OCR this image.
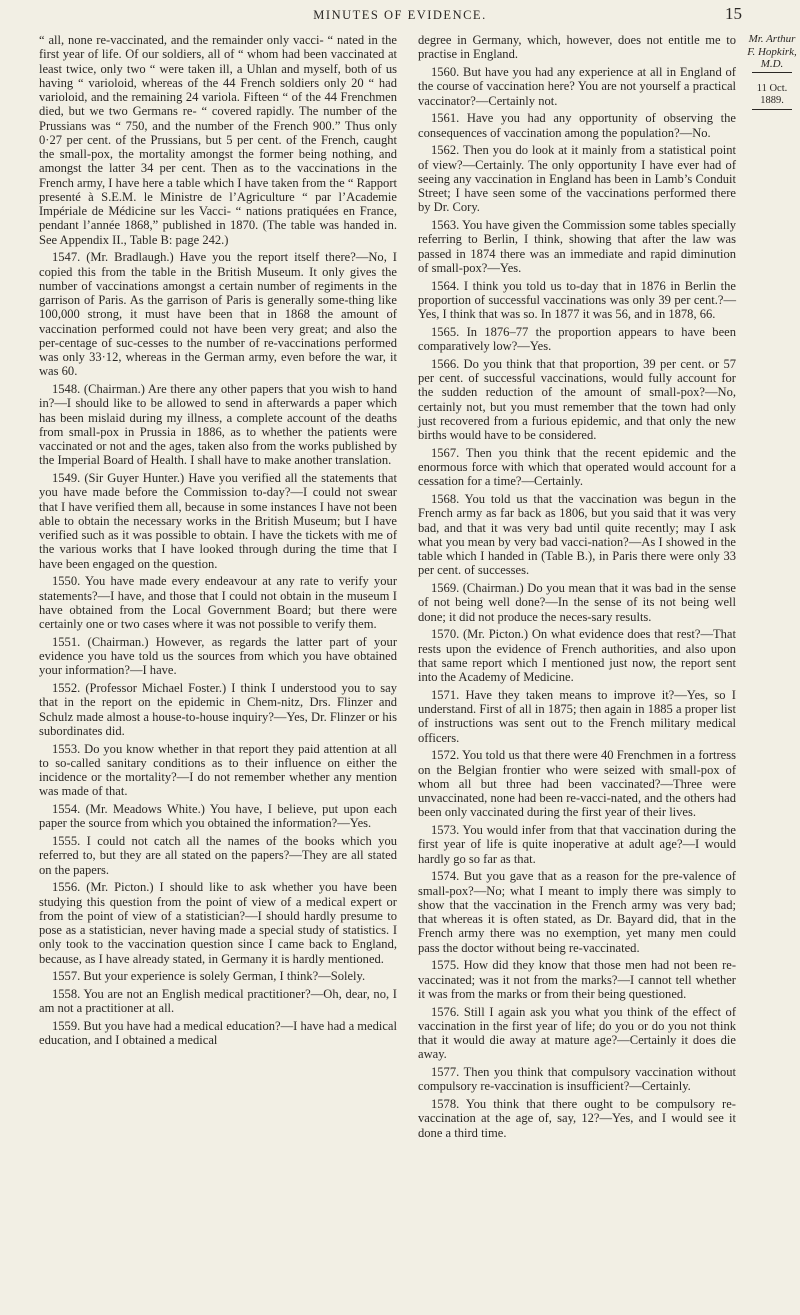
MINUTES OF EVIDENCE.	15

“ all, none re-vaccinated, and the remainder only vacci- “ nated in the first year of life. Of our soldiers, all of “ whom had been vaccinated at least twice, only two “ were taken ill, a Uhlan and myself, both of us having “ varioloid, whereas of the 44 French soldiers only 20 “ had varioloid, and the remaining 24 variola. Fifteen “ of the 44 Frenchmen died, but we two Germans re- “ covered rapidly. The number of the Prussians was “ 750, and the number of the French 900.” Thus only 0·27 per cent. of the Prussians, but 5 per cent. of the French, caught the small-pox, the mortality amongst the former being nothing, and amongst the latter 34 per cent. Then as to the vaccinations in the French army, I have here a table which I have taken from the “ Rapport presenté à S.E.M. le Ministre de l’Agriculture “ par l’Academie Impériale de Médicine sur les Vacci- “ nations pratiquées en France, pendant l’année 1868,” published in 1870. (The table was handed in. See Appendix II., Table B: page 242.)

1547. (Mr. Bradlaugh.) Have you the report itself there?—No, I copied this from the table in the British Museum. It only gives the number of vaccinations amongst a certain number of regiments in the garrison of Paris. As the garrison of Paris is generally some-thing like 100,000 strong, it must have been that in 1868 the amount of vaccination performed could not have been very great; and also the per-centage of suc-cesses to the number of re-vaccinations performed was only 33·12, whereas in the German army, even before the war, it was 60.

1548. (Chairman.) Are there any other papers that you wish to hand in?—I should like to be allowed to send in afterwards a paper which has been mislaid during my illness, a complete account of the deaths from small-pox in Prussia in 1886, as to whether the patients were vaccinated or not and the ages, taken also from the works published by the Imperial Board of Health. I shall have to make another translation.

1549. (Sir Guyer Hunter.) Have you verified all the statements that you have made before the Commission to-day?—I could not swear that I have verified them all, because in some instances I have not been able to obtain the necessary works in the British Museum; but I have verified such as it was possible to obtain. I have the tickets with me of the various works that I have looked through during the time that I have been engaged on the question.

1550. You have made every endeavour at any rate to verify your statements?—I have, and those that I could not obtain in the museum I have obtained from the Local Government Board; but there were certainly one or two cases where it was not possible to verify them.

1551. (Chairman.) However, as regards the latter part of your evidence you have told us the sources from which you have obtained your information?—I have.

1552. (Professor Michael Foster.) I think I understood you to say that in the report on the epidemic in Chem-nitz, Drs. Flinzer and Schulz made almost a house-to-house inquiry?—Yes, Dr. Flinzer or his subordinates did.

1553. Do you know whether in that report they paid attention at all to so-called sanitary conditions as to their influence on either the incidence or the mortality?—I do not remember whether any mention was made of that.

1554. (Mr. Meadows White.) You have, I believe, put upon each paper the source from which you obtained the information?—Yes.

1555. I could not catch all the names of the books which you referred to, but they are all stated on the papers?—They are all stated on the papers.

1556. (Mr. Picton.) I should like to ask whether you have been studying this question from the point of view of a medical expert or from the point of view of a statistician?—I should hardly presume to pose as a statistician, never having made a special study of statistics. I only took to the vaccination question since I came back to England, because, as I have already stated, in Germany it is hardly mentioned.

1557. But your experience is solely German, I think?—Solely.

1558. You are not an English medical practitioner?—Oh, dear, no, I am not a practitioner at all.

1559. But you have had a medical education?—I have had a medical education, and I obtained a medical

degree in Germany, which, however, does not entitle me to practise in England.

1560. But have you had any experience at all in England of the course of vaccination here? You are not yourself a practical vaccinator?—Certainly not.

1561. Have you had any opportunity of observing the consequences of vaccination among the population?—No.

1562. Then you do look at it mainly from a statistical point of view?—Certainly. The only opportunity I have ever had of seeing any vaccination in England has been in Lamb’s Conduit Street; I have seen some of the vaccinations performed there by Dr. Cory.

1563. You have given the Commission some tables specially referring to Berlin, I think, showing that after the law was passed in 1874 there was an immediate and rapid diminution of small-pox?—Yes.

1564. I think you told us to-day that in 1876 in Berlin the proportion of successful vaccinations was only 39 per cent.?—Yes, I think that was so. In 1877 it was 56, and in 1878, 66.

1565. In 1876–77 the proportion appears to have been comparatively low?—Yes.

1566. Do you think that that proportion, 39 per cent. or 57 per cent. of successful vaccinations, would fully account for the sudden reduction of the amount of small-pox?—No, certainly not, but you must remember that the town had only just recovered from a furious epidemic, and that only the new births would have to be considered.

1567. Then you think that the recent epidemic and the enormous force with which that operated would account for a cessation for a time?—Certainly.

1568. You told us that the vaccination was begun in the French army as far back as 1806, but you said that it was very bad, and that it was very bad until quite recently; may I ask what you mean by very bad vacci-nation?—As I showed in the table which I handed in (Table B.), in Paris there were only 33 per cent. of successes.

1569. (Chairman.) Do you mean that it was bad in the sense of not being well done?—In the sense of its not being well done; it did not produce the neces-sary results.

1570. (Mr. Picton.) On what evidence does that rest?—That rests upon the evidence of French authorities, and also upon that same report which I mentioned just now, the report sent into the Academy of Medicine.

1571. Have they taken means to improve it?—Yes, so I understand. First of all in 1875; then again in 1885 a proper list of instructions was sent out to the French military medical officers.

1572. You told us that there were 40 Frenchmen in a fortress on the Belgian frontier who were seized with small-pox of whom all but three had been vaccinated?—Three were unvaccinated, none had been re-vacci-nated, and the others had been only vaccinated during the first year of their lives.

1573. You would infer from that that vaccination during the first year of life is quite inoperative at adult age?—I would hardly go so far as that.

1574. But you gave that as a reason for the pre-valence of small-pox?—No; what I meant to imply there was simply to show that the vaccination in the French army was very bad; that whereas it is often stated, as Dr. Bayard did, that in the French army there was no exemption, yet many men could pass the doctor without being re-vaccinated.

1575. How did they know that those men had not been re-vaccinated; was it not from the marks?—I cannot tell whether it was from the marks or from their being questioned.

1576. Still I again ask you what you think of the effect of vaccination in the first year of life; do you or do you not think that it would die away at mature age?—Certainly it does die away.

1577. Then you think that compulsory vaccination without compulsory re-vaccination is insufficient?—Certainly.

1578. You think that there ought to be compulsory re-vaccination at the age of, say, 12?—Yes, and I would see it done a third time.

Mr. Arthur F. Hopkirk, M.D.
11 Oct. 1889.
